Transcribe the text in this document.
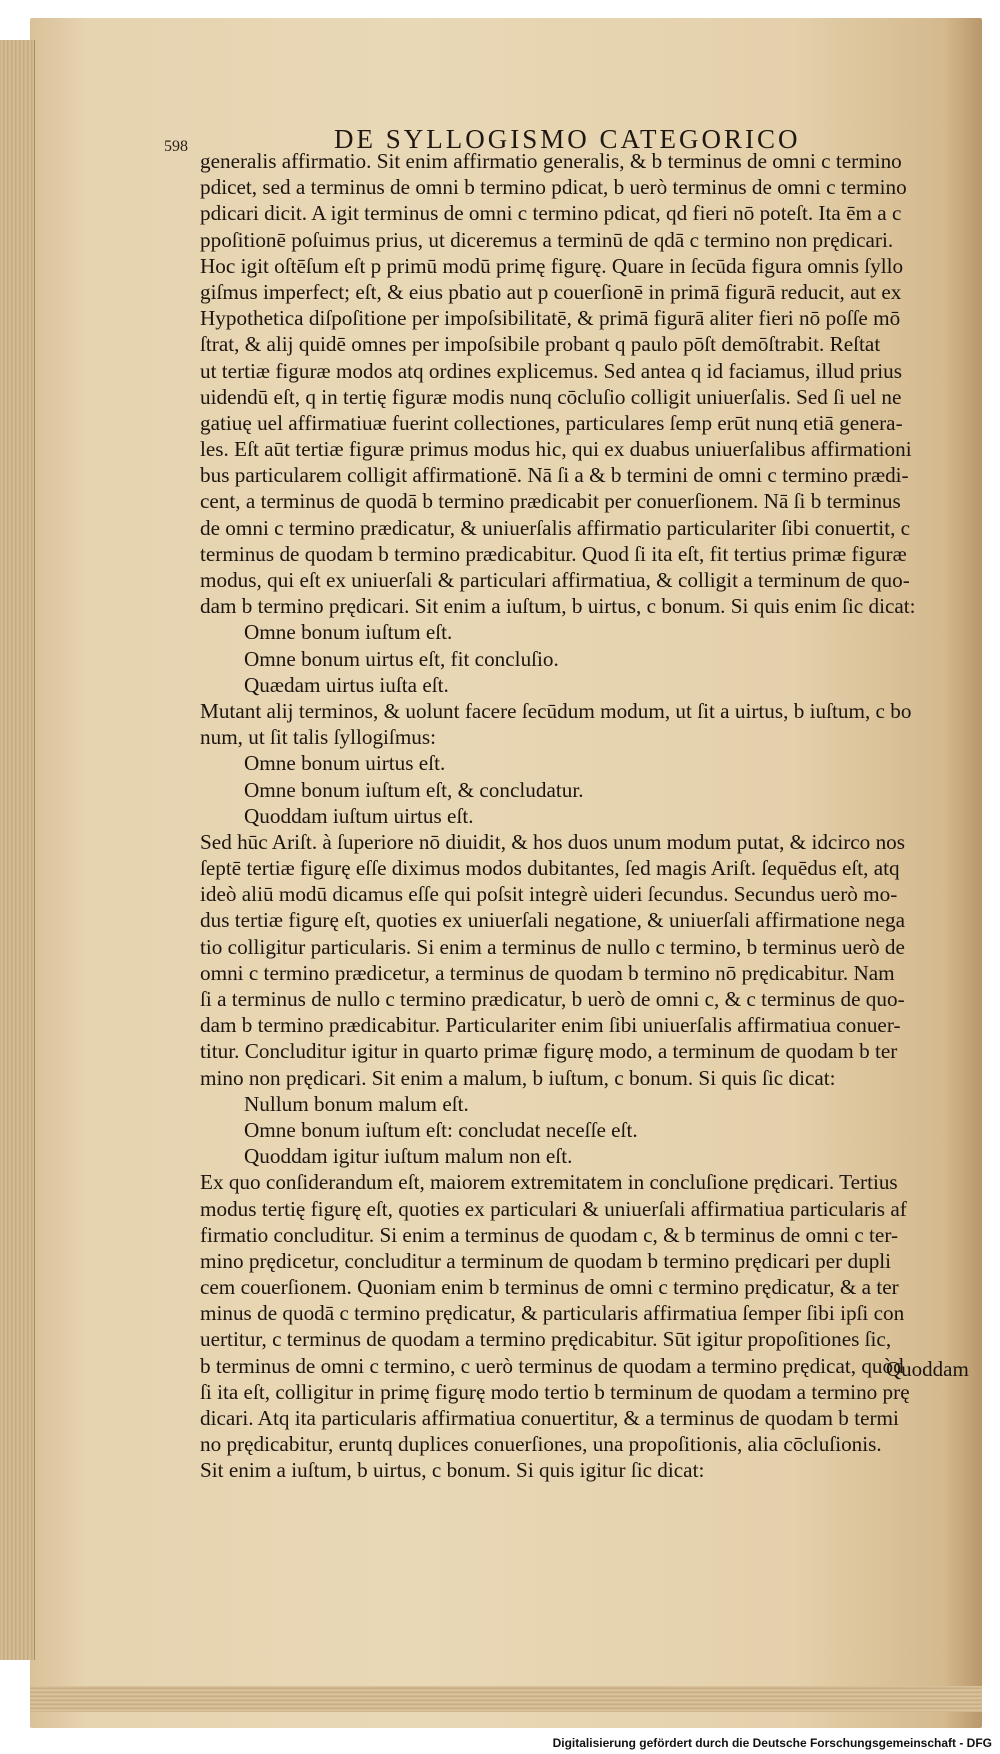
598	DE SYLLOGISMO CATEGORICO
generalis affirmatio. Sit enim affirmatio generalis, & b terminus de omni c termino
pdicet, sed a terminus de omni b termino pdicat, b uerò terminus de omni c termino
pdicari dicit. A igit terminus de omni c termino pdicat, qd fieri nō poteſt. Ita ēm a c
ppoſitionē poſuimus prius, ut diceremus a terminū de qdā c termino non prędicari.
Hoc igit oſtēſum eſt p primū modū primę figurę. Quare in ſecūda figura omnis ſyllo
giſmus imperfect; eſt, & eius pbatio aut p couerſionē in primā figurā reducit, aut ex
Hypothetica diſpoſitione per impoſsibilitatē, & primā figurā aliter fieri nō poſſe mō
ſtrat, & alij quidē omnes per impoſsibile probant q paulo pōſt demōſtrabit. Reſtat
ut tertiæ figuræ modos atq ordines explicemus. Sed antea q id faciamus, illud prius
uidendū eſt, q in tertię figuræ modis nunq cōcluſio colligit uniuerſalis. Sed ſi uel ne
gatiuę uel affirmatiuæ fuerint collectiones, particulares ſemp erūt nunq etiā genera-
les. Eſt aūt tertiæ figuræ primus modus hic, qui ex duabus uniuerſalibus affirmationi
bus particularem colligit affirmationē. Nā ſi a & b termini de omni c termino prædi-
cent, a terminus de quodā b termino prædicabit per conuerſionem. Nā ſi b terminus
de omni c termino prædicatur, & uniuerſalis affirmatio particulariter ſibi conuertit, c
terminus de quodam b termino prædicabitur. Quod ſi ita eſt, fit tertius primæ figuræ
modus, qui eſt ex uniuerſali & particulari affirmatiua, & colligit a terminum de quo-
dam b termino prędicari. Sit enim a iuſtum, b uirtus, c bonum. Si quis enim ſic dicat:
Omne bonum iuſtum eſt.
Omne bonum uirtus eſt, fit concluſio.
Quædam uirtus iuſta eſt.
Mutant alij terminos, & uolunt facere ſecūdum modum, ut ſit a uirtus, b iuſtum, c bo
num, ut ſit talis ſyllogiſmus:
Omne bonum uirtus eſt.
Omne bonum iuſtum eſt, & concludatur.
Quoddam iuſtum uirtus eſt.
Sed hūc Ariſt. à ſuperiore nō diuidit, & hos duos unum modum putat, & idcirco nos
ſeptē tertiæ figurę eſſe diximus modos dubitantes, ſed magis Ariſt. ſequēdus eſt, atq
ideò aliū modū dicamus eſſe qui poſsit integrè uideri ſecundus. Secundus uerò mo-
dus tertiæ figurę eſt, quoties ex uniuerſali negatione, & uniuerſali affirmatione nega
tio colligitur particularis. Si enim a terminus de nullo c termino, b terminus uerò de
omni c termino prædicetur, a terminus de quodam b termino nō prędicabitur. Nam
ſi a terminus de nullo c termino prædicatur, b uerò de omni c, & c terminus de quo-
dam b termino prædicabitur. Particulariter enim ſibi uniuerſalis affirmatiua conuer-
titur. Concluditur igitur in quarto primæ figurę modo, a terminum de quodam b ter
mino non prędicari. Sit enim a malum, b iuſtum, c bonum. Si quis ſic dicat:
Nullum bonum malum eſt.
Omne bonum iuſtum eſt: concludat neceſſe eſt.
Quoddam igitur iuſtum malum non eſt.
Ex quo conſiderandum eſt, maiorem extremitatem in concluſione prędicari. Tertius
modus tertię figurę eſt, quoties ex particulari & uniuerſali affirmatiua particularis af
firmatio concluditur. Si enim a terminus de quodam c, & b terminus de omni c ter-
mino prędicetur, concluditur a terminum de quodam b termino prędicari per dupli
cem couerſionem. Quoniam enim b terminus de omni c termino prędicatur, & a ter
minus de quodā c termino prędicatur, & particularis affirmatiua ſemper ſibi ipſi con
uertitur, c terminus de quodam a termino prędicabitur. Sūt igitur propoſitiones ſic,
b terminus de omni c termino, c uerò terminus de quodam a termino prędicat, quòd
ſi ita eſt, colligitur in primę figurę modo tertio b terminum de quodam a termino prę
dicari. Atq ita particularis affirmatiua conuertitur, & a terminus de quodam b termi
no prędicabitur, eruntq duplices conuerſiones, una propoſitionis, alia cōcluſionis.
Sit enim a iuſtum, b uirtus, c bonum. Si quis igitur ſic dicat:
Quoddam
Digitalisierung gefördert durch die Deutsche Forschungsgemeinschaft - DFG
